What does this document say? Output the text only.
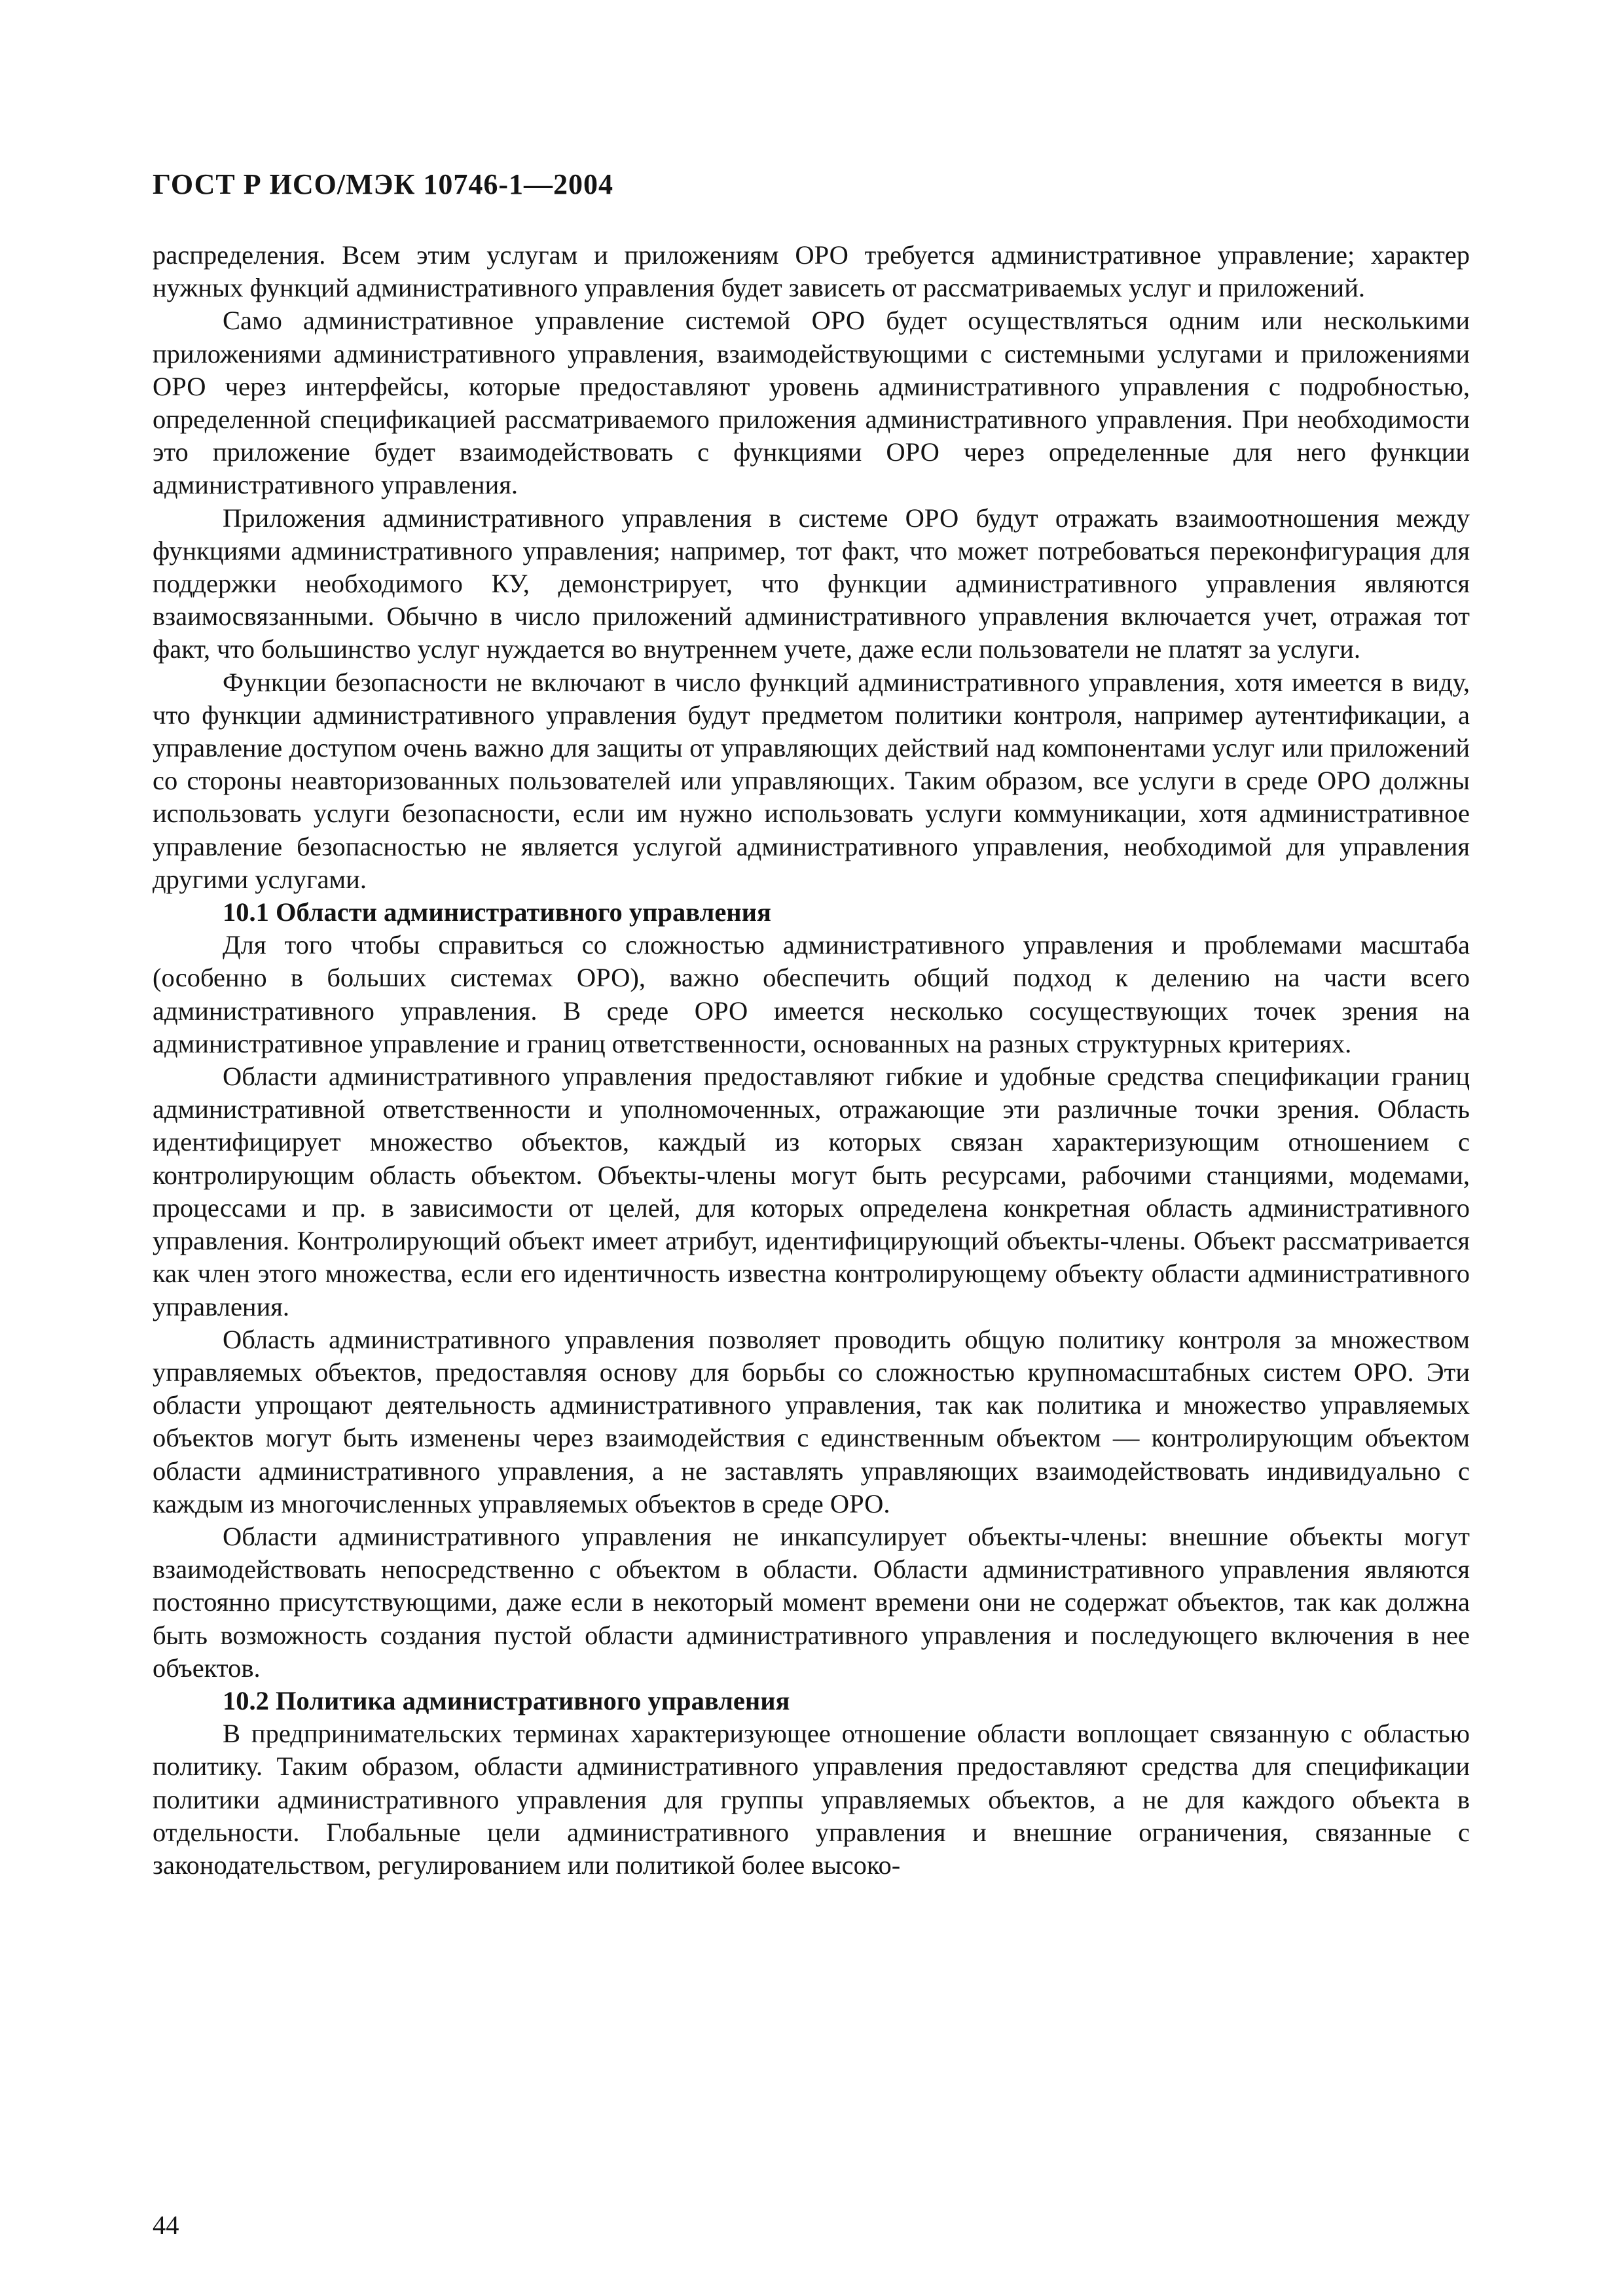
ГОСТ Р ИСО/МЭК 10746-1—2004

распределения. Всем этим услугам и приложениям ОРО требуется административное управление; характер нужных функций административного управления будет зависеть от рассматриваемых услуг и приложений.

Само административное управление системой ОРО будет осуществляться одним или несколькими приложениями административного управления, взаимодействующими с системными услугами и приложениями ОРО через интерфейсы, которые предоставляют уровень административного управления с подробностью, определенной спецификацией рассматриваемого приложения административного управления. При необходимости это приложение будет взаимодействовать с функциями ОРО через определенные для него функции административного управления.

Приложения административного управления в системе ОРО будут отражать взаимоотношения между функциями административного управления; например, тот факт, что может потребоваться переконфигурация для поддержки необходимого КУ, демонстрирует, что функции административного управления являются взаимосвязанными. Обычно в число приложений административного управления включается учет, отражая тот факт, что большинство услуг нуждается во внутреннем учете, даже если пользователи не платят за услуги.

Функции безопасности не включают в число функций административного управления, хотя имеется в виду, что функции административного управления будут предметом политики контроля, например аутентификации, а управление доступом очень важно для защиты от управляющих действий над компонентами услуг или приложений со стороны неавторизованных пользователей или управляющих. Таким образом, все услуги в среде ОРО должны использовать услуги безопасности, если им нужно использовать услуги коммуникации, хотя административное управление безопасностью не является услугой административного управления, необходимой для управления другими услугами.

10.1 Области административного управления

Для того чтобы справиться со сложностью административного управления и проблемами масштаба (особенно в больших системах ОРО), важно обеспечить общий подход к делению на части всего административного управления. В среде ОРО имеется несколько сосуществующих точек зрения на административное управление и границ ответственности, основанных на разных структурных критериях.

Области административного управления предоставляют гибкие и удобные средства спецификации границ административной ответственности и уполномоченных, отражающие эти различные точки зрения. Область идентифицирует множество объектов, каждый из которых связан характеризующим отношением с контролирующим область объектом. Объекты-члены могут быть ресурсами, рабочими станциями, модемами, процессами и пр. в зависимости от целей, для которых определена конкретная область административного управления. Контролирующий объект имеет атрибут, идентифицирующий объекты-члены. Объект рассматривается как член этого множества, если его идентичность известна контролирующему объекту области административного управления.

Область административного управления позволяет проводить общую политику контроля за множеством управляемых объектов, предоставляя основу для борьбы со сложностью крупномасштабных систем ОРО. Эти области упрощают деятельность административного управления, так как политика и множество управляемых объектов могут быть изменены через взаимодействия с единственным объектом — контролирующим объектом области административного управления, а не заставлять управляющих взаимодействовать индивидуально с каждым из многочисленных управляемых объектов в среде ОРО.

Области административного управления не инкапсулирует объекты-члены: внешние объекты могут взаимодействовать непосредственно с объектом в области. Области административного управления являются постоянно присутствующими, даже если в некоторый момент времени они не содержат объектов, так как должна быть возможность создания пустой области административного управления и последующего включения в нее объектов.

10.2 Политика административного управления

В предпринимательских терминах характеризующее отношение области воплощает связанную с областью политику. Таким образом, области административного управления предоставляют средства для спецификации политики административного управления для группы управляемых объектов, а не для каждого объекта в отдельности. Глобальные цели административного управления и внешние ограничения, связанные с законодательством, регулированием или политикой более высоко-

44
